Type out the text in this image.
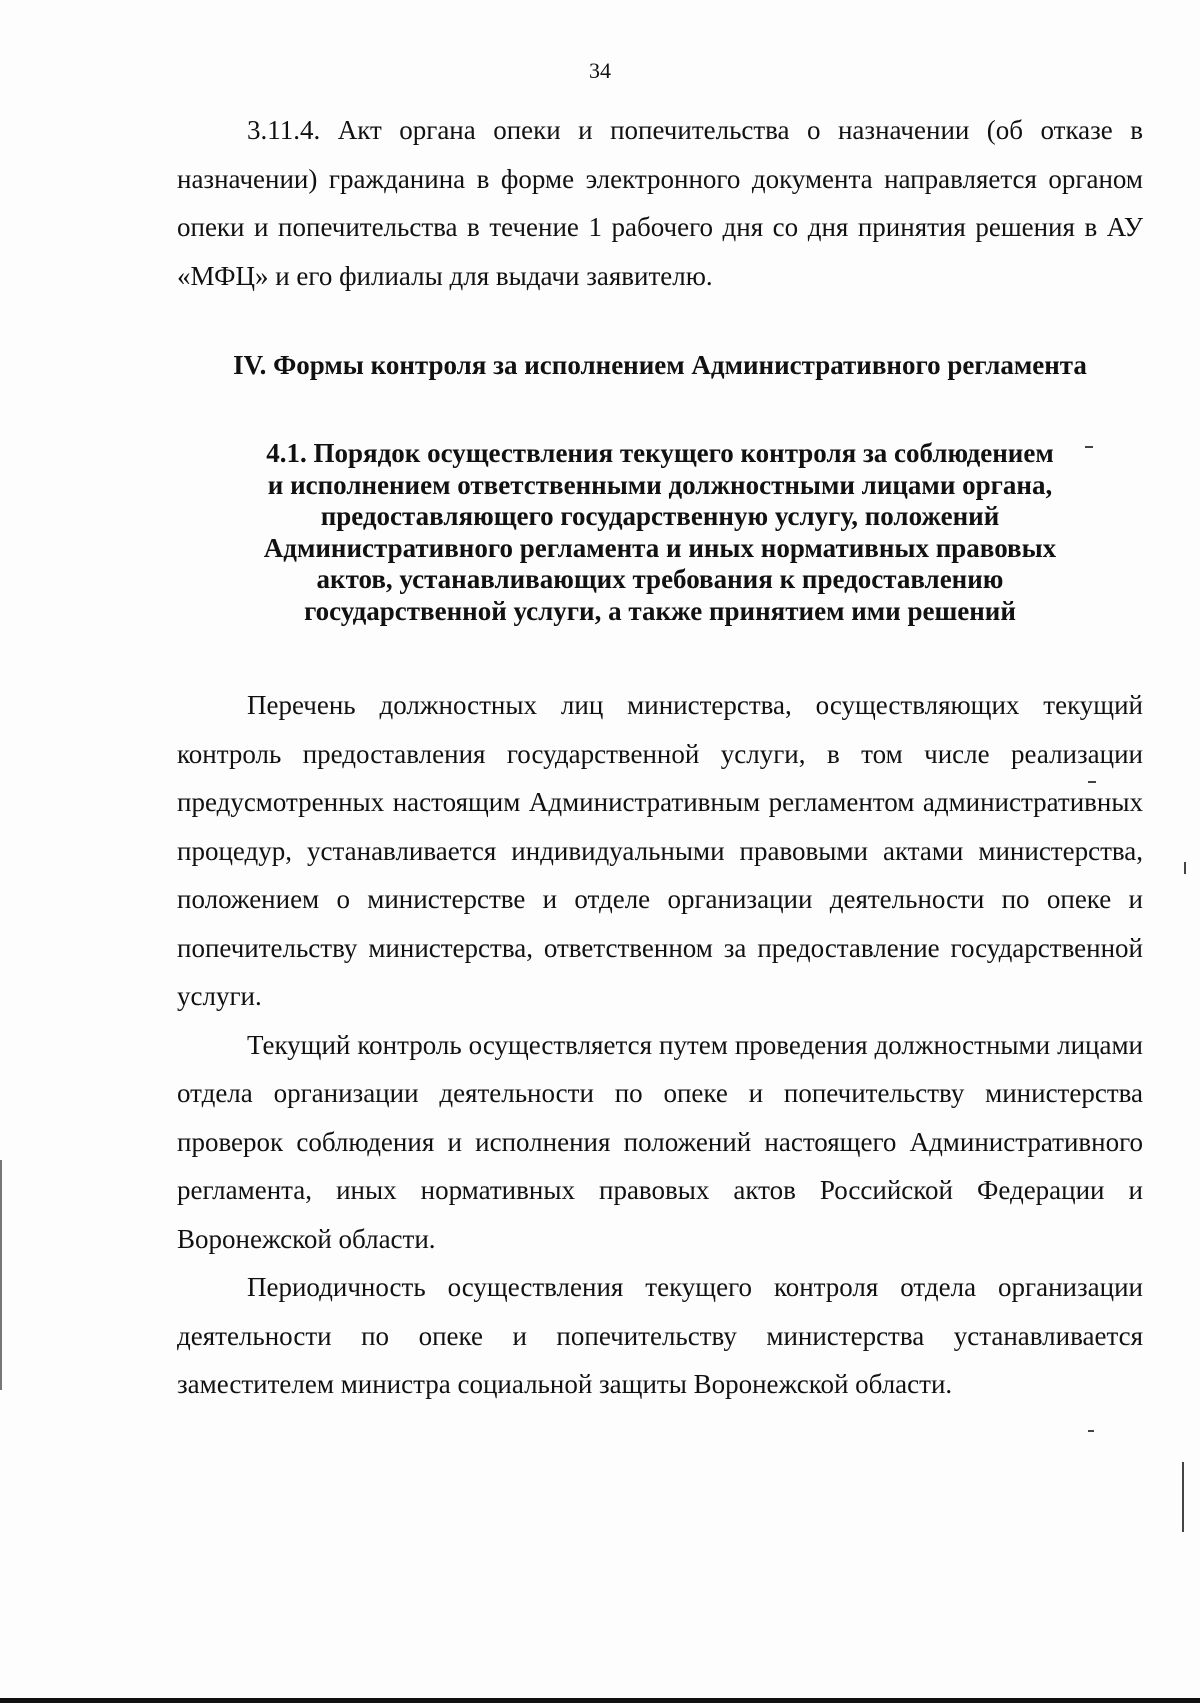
34

3.11.4. Акт органа опеки и попечительства о назначении (об отказе в назначении) гражданина в форме электронного документа направляется органом опеки и попечительства в течение 1 рабочего дня со дня принятия решения в АУ «МФЦ» и его филиалы для выдачи заявителю.

IV. Формы контроля за исполнением Административного регламента
4.1. Порядок осуществления текущего контроля за соблюдением
и исполнением ответственными должностными лицами органа,
предоставляющего государственную услугу, положений
Административного регламента и иных нормативных правовых
актов, устанавливающих требования к предоставлению
государственной услуги, а также принятием ими решений

Перечень должностных лиц министерства, осуществляющих текущий контроль предоставления государственной услуги, в том числе реализации предусмотренных настоящим Административным регламентом административных процедур, устанавливается индивидуальными правовыми актами министерства, положением о министерстве и отделе организации деятельности по опеке и попечительству министерства, ответственном за предоставление государственной услуги.

Текущий контроль осуществляется путем проведения должностными лицами отдела организации деятельности по опеке и попечительству министерства проверок соблюдения и исполнения положений настоящего Административного регламента, иных нормативных правовых актов Российской Федерации и Воронежской области.

Периодичность осуществления текущего контроля отдела организации деятельности по опеке и попечительству министерства устанавливается заместителем министра социальной защиты Воронежской области.
